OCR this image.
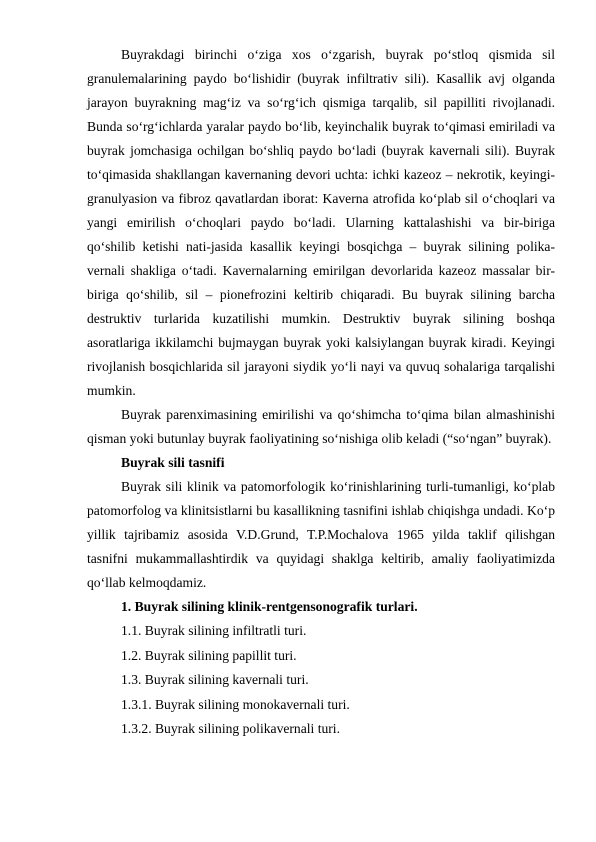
Buyrakdagi birinchi o‘ziga xos o‘zgarish, buyrak po‘stloq qismida sil granulemalarining paydo bo‘lishidir (buyrak infiltrativ sili). Kasallik avj olganda jarayon buyrakning mag‘iz va so‘rg‘ich qismiga tarqalib, sil papilliti rivojlanadi. Bunda so‘rg‘ichlarda yaralar paydo bo‘lib, keyinchalik buyrak to‘qimasi emiriladi va buyrak jomchasiga ochilgan bo‘shliq paydo bo‘ladi (buyrak kavernali sili). Buyrak to‘qimasida shakllangan kavernaning devori uchta: ichki kazeoz – nekrotik, keyingi- granulyasion va fibroz qavatlardan iborat: Kaverna atrofida ko‘plab sil o‘choqlari va yangi emirilish o‘choqlari paydo bo‘ladi. Ularning kattalashishi va bir-biriga qo‘shilib ketishi nati-jasida kasallik keyingi bosqichga – buyrak silining polika-vernali shakliga o‘tadi. Kavernalarning emirilgan devorlarida kazeoz massalar bir-biriga qo‘shilib, sil – pionefrozini keltirib chiqaradi. Bu buyrak silining barcha destruktiv turlarida kuzatilishi mumkin. Destruktiv buyrak silining boshqa asoratlariga ikkilamchi bujmaygan buyrak yoki kalsiylangan buyrak kiradi. Keyingi rivojlanish bosqichlarida sil jarayoni siydik yo‘li nayi va quvuq sohalariga tarqalishi mumkin.

Buyrak parenximasining emirilishi va qo‘shimcha to‘qima bilan almashinishi qisman yoki butunlay buyrak faoliyatining so‘nishiga olib keladi (“so‘ngan” buyrak).

Buyrak sili tasnifi

Buyrak sili klinik va patomorfologik ko‘rinishlarining turli-tumanligi, ko‘plab patomorfolog va klinitsistlarni bu kasallikning tasnifini ishlab chiqishga undadi. Ko‘p yillik tajribamiz asosida V.D.Grund, T.P.Mochalova 1965 yilda taklif qilishgan tasnifni mukammallashtirdik va quyidagi shaklga keltirib, amaliy faoliyatimizda qo‘llab kelmoqdamiz.

1. Buyrak silining klinik-rentgensonografik turlari.

1.1. Buyrak silining infiltratli turi.

1.2. Buyrak silining papillit turi.

1.3. Buyrak silining kavernali turi.

1.3.1. Buyrak silining monokavernali turi.

1.3.2. Buyrak silining polikavernali turi.
